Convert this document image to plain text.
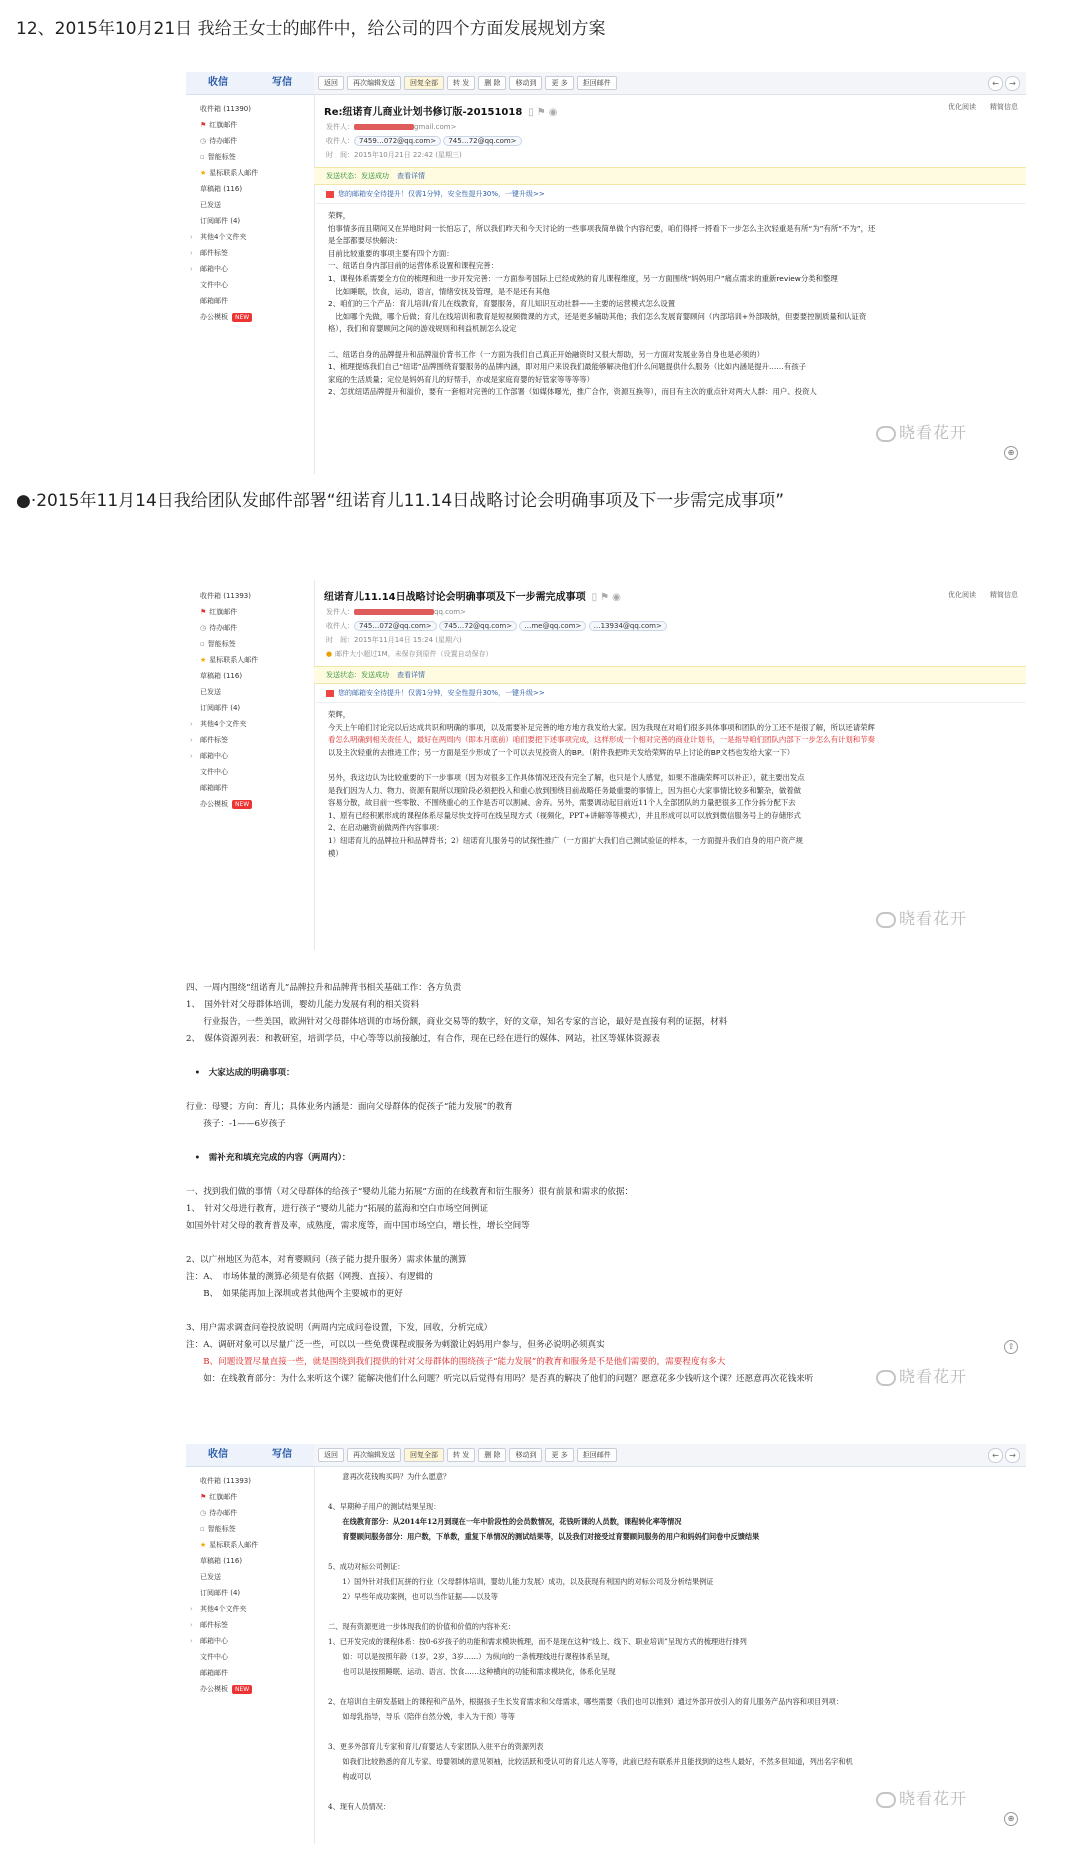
12、2015年10月21日 我给王女士的邮件中，给公司的四个方面发展规划方案
●·2015年11月14日我给团队发邮件部署“纽诺育儿11.14日战略讨论会明确事项及下一步需完成事项”
收信	写信
收件箱 (11390)
⚑ 红旗邮件
◷ 待办邮件
▫ 智能标签
★ 星标联系人邮件
草稿箱 (116)
已发送
订阅邮件 (4)
› 其他4个文件夹
› 邮件标签
› 邮箱中心
文件中心
邮箱邮件
办公模板 NEW
返回	再次编辑发送	回复全部	转 发	删 除	移动到	更 多	拒回邮件	←	→
Re:纽诺育儿商业计划书修订版-20151018 ▯⚑◉	优化阅读　　精简信息
发件人：	gmail.com>
收件人： 7459…072@qq.com> 745…72@qq.com>
时　间：2015年10月21日 22:42 (星期三)
发送状态：发送成功 查看详情
您的邮箱安全待提升！仅需1分钟，安全性提升30%，一键升级>>

荣辉，

怕事情多而且期间又在异地时间一长怕忘了，所以我们昨天和今天讨论的一些事项我简单做个内容纪要，咱们得捋一捋看下一步怎么主次轻重是有所“为”有所“不为”，还

是全部都要尽快解决：

目前比较重要的事项主要有四个方面：

一、纽诺自身内部目前的运营体系设置和课程完善：

1、课程体系需要全方位的梳理和进一步开发完善：一方面参考国际上已经成熟的育儿课程维度，另一方面围绕“妈妈用户”痛点需求的重新review分类和整理

　比如睡眠，饮食，运动，语言，情绪安抚及管理，是不是还有其他

2、咱们的三个产品：育儿培训/育儿在线教育，育婴服务，育儿知识互动社群——主要的运营模式怎么设置

　比如哪个先做，哪个后做；育儿在线培训和教育是短视频微课的方式，还是更多辅助其他；我们怎么发展育婴顾问（内部培训+外部吸纳，但要要控制质量和认证资

格），我们和育婴顾问之间的游戏规则和利益机制怎么设定

二、纽诺自身的品牌提升和品牌溢价背书工作（一方面为我们自己真正开始融资时又很大帮助，另一方面对发展业务自身也是必须的）

1、梳理提炼我们自己“纽诺”品牌围绕育婴服务的品牌内涵，即对用户来说我们最能够解决他们什么问题提供什么服务（比如内涵是提升……有孩子

家庭的生活质量；定位是妈妈育儿的好帮手，亦或是家庭育婴的好管家等等等等）

2、怎扰纽诺品牌提升和溢价，要有一套相对完善的工作部署（如媒体曝光，推广合作，资源互换等），而目有主次的重点针对两大人群：用户、投资人

晓看花开
⊕
收件箱 (11393)
⚑ 红旗邮件
◷ 待办邮件
▫ 智能标签
★ 星标联系人邮件
草稿箱 (116)
已发送
订阅邮件 (4)
› 其他4个文件夹
› 邮件标签
› 邮箱中心
文件中心
邮箱邮件
办公模板 NEW
纽诺育儿11.14日战略讨论会明确事项及下一步需完成事项 ▯⚑◉	优化阅读　　精简信息
发件人：	qq.com>
收件人： 745…072@qq.com> 745…72@qq.com> …me@qq.com> …13934@qq.com>
时　间：2015年11月14日 15:24 (星期六)
● 邮件大小超过1M，未保存到原件（设置自动保存）
发送状态：发送成功 查看详情
您的邮箱安全待提升！仅需1分钟，安全性提升30%，一键升级>>

荣辉，

今天上午咱们讨论完以后达成共识和明确的事项，以及需要补足完善的地方地方我发给大家。因为我现在对咱们很多具体事项和团队的分工还不是很了解，所以还请荣辉

看怎么明确到相关责任人，最好在两周内（即本月底前）咱们要把下述事项完成，这样形成一个相对完善的商业计划书，一是指导咱们团队内部下一步怎么有计划和节奏

以及主次轻重的去推进工作；另一方面是至少形成了一个可以去见投资人的BP。（附件我把昨天发给荣辉的早上讨论的BP文档也发给大家一下）

另外，我这边认为比较重要的下一步事项（因为对很多工作具体情况还没有完全了解，也只是个人感觉，如果不准确荣辉可以补正），就主要出发点

是我们因为人力、物力、资源有限所以现阶段必须把投入和重心放到围绕目前战略任务最重要的事情上，因为担心大家事情比较多和繁杂，做着做

容易分散，故目前一些零散、不围绕重心的工作是否可以割减、舍弃。另外，需要调动起目前近11个人全部团队的力量把很多工作分拆分配下去

1、原有已经积累形成的课程体系尽量尽快支持可在线呈现方式（视频化，PPT+讲解等等模式），并且形成可以可以放到微信服务号上的存储形式

2、在启动融资前做两件内容事项：

1）纽诺育儿的品牌拉升和品牌背书；2）纽诺育儿服务号的试探性推广（一方面扩大我们自己测试验证的样本，一方面提升我们自身的用户资产规

模）

晓看花开

四、一周内围绕“纽诺育儿”品牌拉升和品牌背书相关基础工作：各方负责

1、　国外针对父母群体培训，婴幼儿能力发展有利的相关资料

　　行业报告，一些美国，欧洲针对父母群体培训的市场份额，商业交易等的数字，好的文章，知名专家的言论，最好是直接有利的证据，材料

2、　媒体资源列表：和教研室，培训学员，中心等等以前接触过，有合作，现在已经在进行的媒体、网站，社区等媒体资源表

　•　大家达成的明确事项：

行业：母婴；方向：育儿；具体业务内涵是：面向父母群体的促孩子“能力发展”的教育

　　孩子：-1——6岁孩子

　•　需补充和填充完成的内容（两周内）：

一、找到我们做的事情（对父母群体的给孩子“婴幼儿能力拓展”方面的在线教育和衍生服务）很有前景和需求的依据：

1、　针对父母进行教育，进行孩子“婴幼儿能力”拓展的蓝海和空白市场空间例证

如国外针对父母的教育普及率，成熟度，需求度等，而中国市场空白，增长性，增长空间等

2、以广州地区为范本，对育婴顾问（孩子能力提升服务）需求体量的测算

注：A、　市场体量的测算必须是有依据（网搜、直接）、有逻辑的

　　B、　如果能再加上深圳或者其他两个主要城市的更好

3、用户需求调查问卷投放说明（两周内完成问卷设置，下发，回收，分析完成）

注：A、调研对象可以尽量广泛一些，可以以一些免费课程或服务为刺激让妈妈用户参与，但务必说明必须真实

　　B、问题设置尽量直接一些，就是围绕到我们提供的针对父母群体的围绕孩子“能力发展”的教育和服务是不是他们需要的，需要程度有多大

　　如：在线教育部分：为什么来听这个课？能解决他们什么问题？听完以后觉得有用吗？是否真的解决了他们的问题？愿意花多少钱听这个课？还愿意再次花钱来听	晓看花开
⇧
收信	写信
收件箱 (11393)
⚑ 红旗邮件
◷ 待办邮件
▫ 智能标签
★ 星标联系人邮件
草稿箱 (116)
已发送
订阅邮件 (4)
› 其他4个文件夹
› 邮件标签
› 邮箱中心
文件中心
邮箱邮件
办公模板 NEW
返回	再次编辑发送	回复全部	转 发	删 除	移动到	更 多	拒回邮件	←	→

　　意再次花钱购买吗？为什么愿意？

4、早期种子用户的测试结果呈现：

　　在线教育部分：从2014年12月到现在一年中阶段性的会员数情况，花钱听课的人员数，课程转化率等情况

　　育婴顾问服务部分：用户数，下单数，重复下单情况的测试结果等，以及我们对接受过育婴顾问服务的用户和妈妈们问卷中反馈结果

5、成功对标公司例证：

　　1）国外针对我们瓦拼的行业（父母群体培训，婴幼儿能力发展）成功，以及获现有利国内的对标公司及分析结果例证

　　2）早些年成功案例，也可以当作证据——以及等

二、现有资源更进一步体现我们的价值和价值的内容补充：

1、已开发完成的课程体系：按0-6岁孩子的功能和需求模块梳理，而不是现在这种“线上、线下、职业培训”呈现方式的梳理进行排列

　　如：可以是按照年龄（1岁，2岁，3岁……）为纵向的一条梳理线进行课程体系呈现，

　　也可以是按照睡眠、运动、语言、饮食……这种横向的功能和需求模块化，体系化呈现

2、在培训自主研发基础上的课程和产品外，根据孩子生长发育需求和父母需求，哪些需要（我们也可以推到）通过外部开放引入的育儿服务产品内容和项目列项：

　　如母乳指导，导乐（陪伴自然分娩，非入为干预）等等

3、更多外部育儿专家和育儿/育婴达人专家团队入驻平台的资源列表

　　如我们比较熟悉的育儿专家、母婴领域的意见领袖，比较活跃和受认可的育儿达人等等，此前已经有联系并且能找到的这些人最好，不然多但知道，列出名字和机

　　构或可以

4、现有人员情况：	晓看花开
⊕
